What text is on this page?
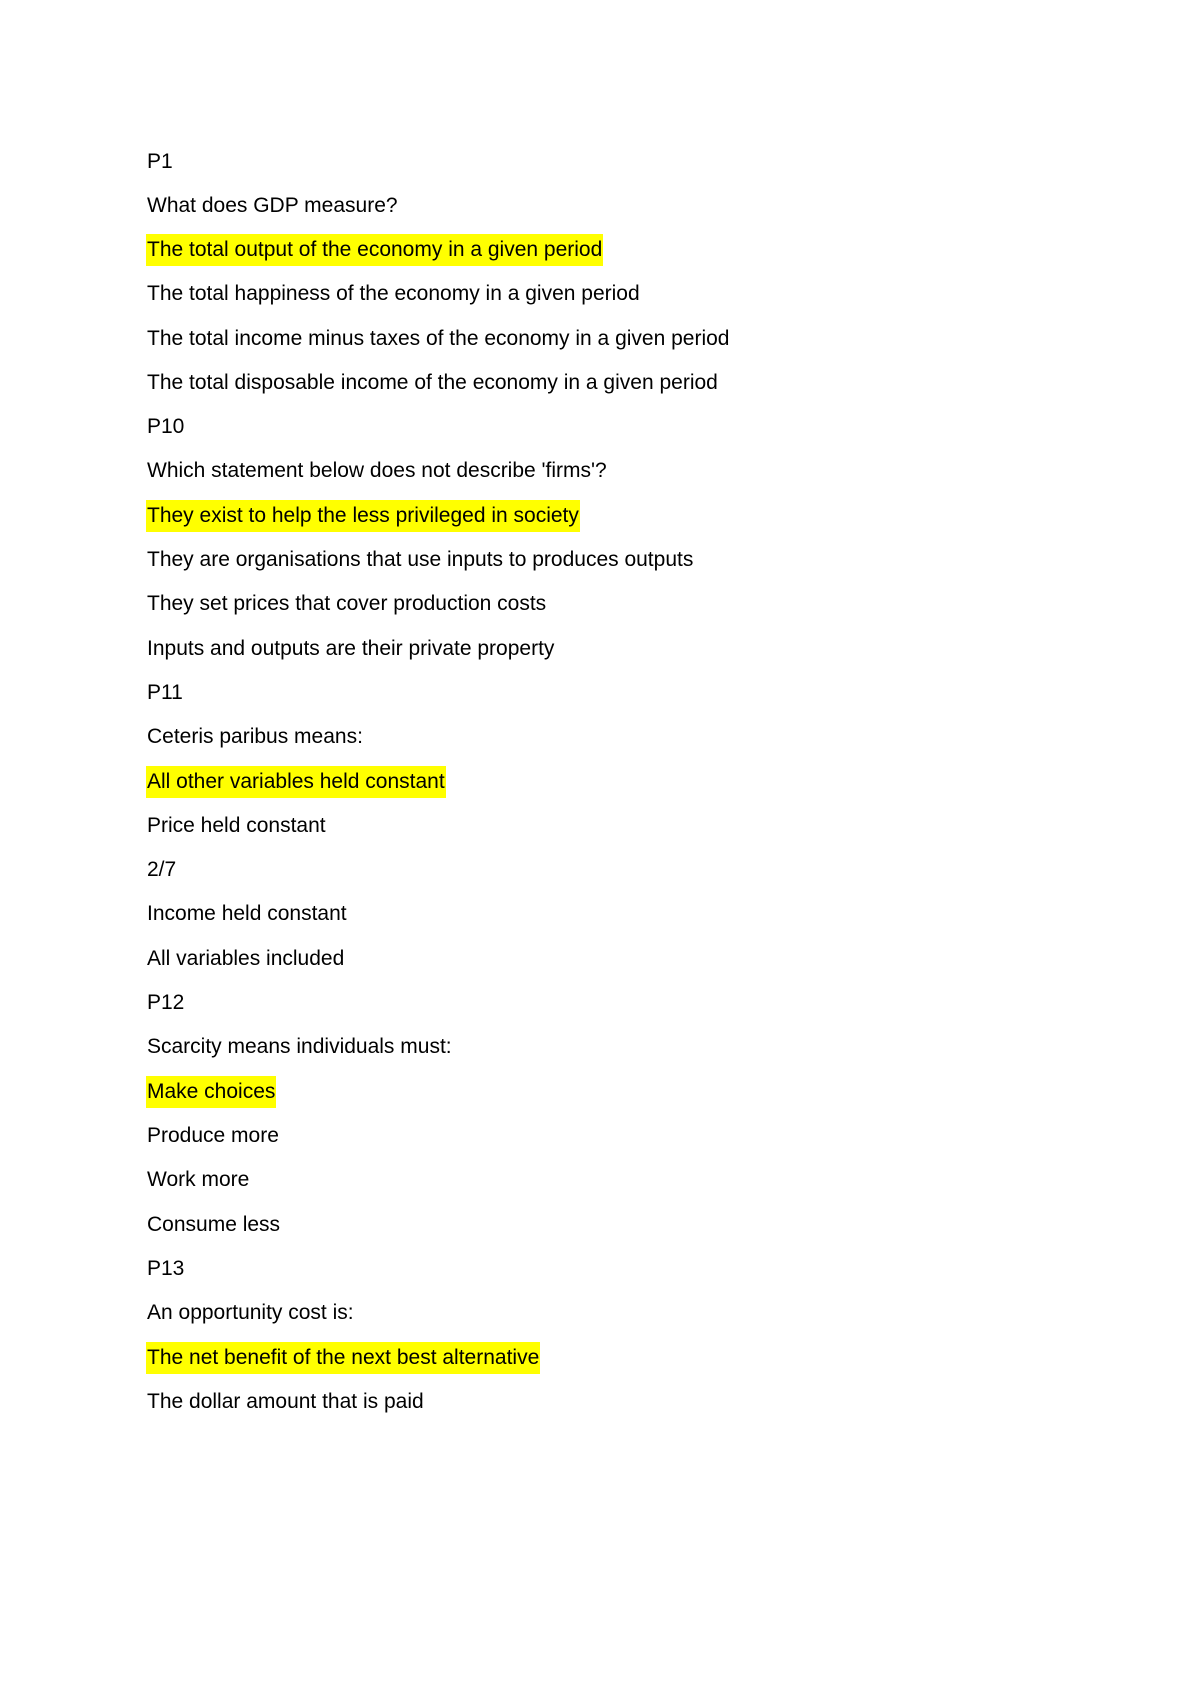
P1

What does GDP measure?

The total output of the economy in a given period

The total happiness of the economy in a given period

The total income minus taxes of the economy in a given period

The total disposable income of the economy in a given period

P10

Which statement below does not describe 'firms'?

They exist to help the less privileged in society

They are organisations that use inputs to produces outputs

They set prices that cover production costs

Inputs and outputs are their private property

P11

Ceteris paribus means:

All other variables held constant

Price held constant

2/7

Income held constant

All variables included

P12

Scarcity means individuals must:

Make choices

Produce more

Work more

Consume less

P13

An opportunity cost is:

The net benefit of the next best alternative

The dollar amount that is paid
